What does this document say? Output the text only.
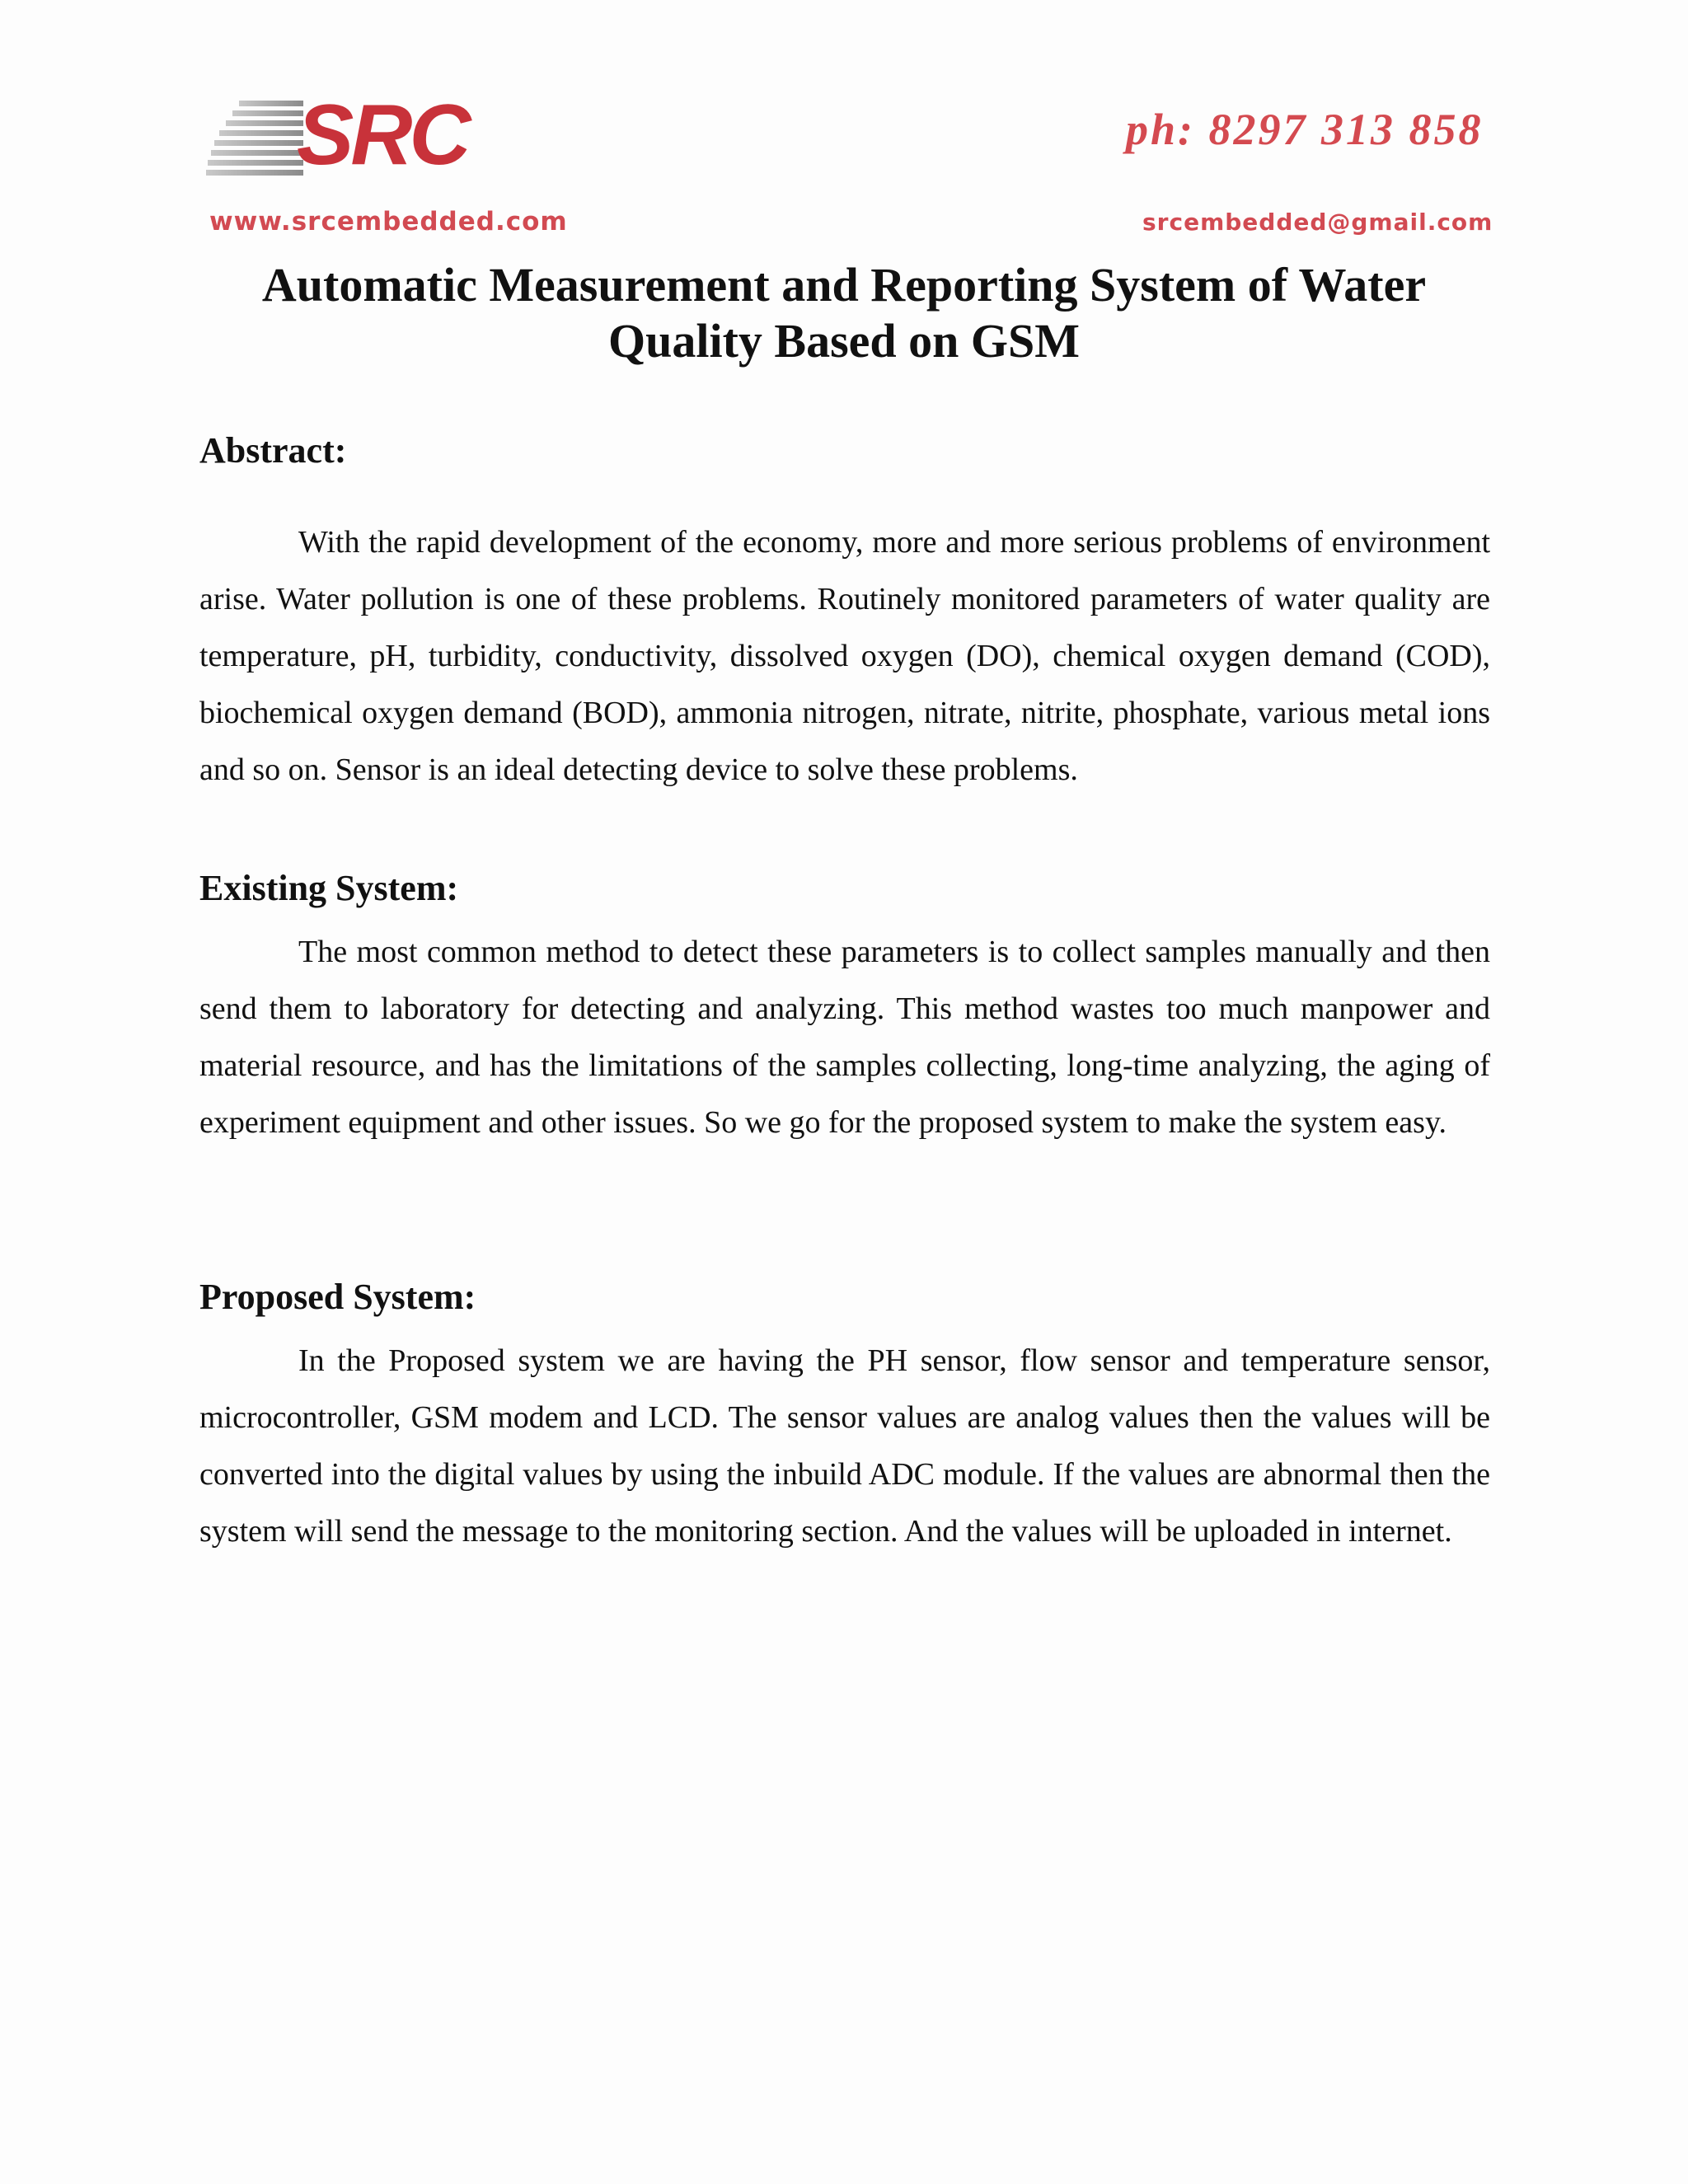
SRC	ph: 8297 313 858
www.srcembedded.com	srcembedded@gmail.com
Automatic Measurement and Reporting System of Water Quality Based on GSM
Abstract:

With the rapid development of the economy, more and more serious problems of environment arise. Water pollution is one of these problems. Routinely monitored parameters of water quality are temperature, pH, turbidity, conductivity, dissolved oxygen (DO), chemical oxygen demand (COD), biochemical oxygen demand (BOD), ammonia nitrogen, nitrate, nitrite, phosphate, various metal ions and so on. Sensor is an ideal detecting device to solve these problems.

Existing System:

The most common method to detect these parameters is to collect samples manually and then send them to laboratory for detecting and analyzing. This method wastes too much manpower and material resource, and has the limitations of the samples collecting, long-time analyzing, the aging of experiment equipment and other issues. So we go for the proposed system to make the system easy.

Proposed System:

In the Proposed system we are having the PH sensor, flow sensor and temperature sensor, microcontroller, GSM modem and LCD. The sensor values are analog values then the values will be converted into the digital values by using the inbuild ADC module. If the values are abnormal then the system will send the message to the monitoring section. And the values will be uploaded in internet.
